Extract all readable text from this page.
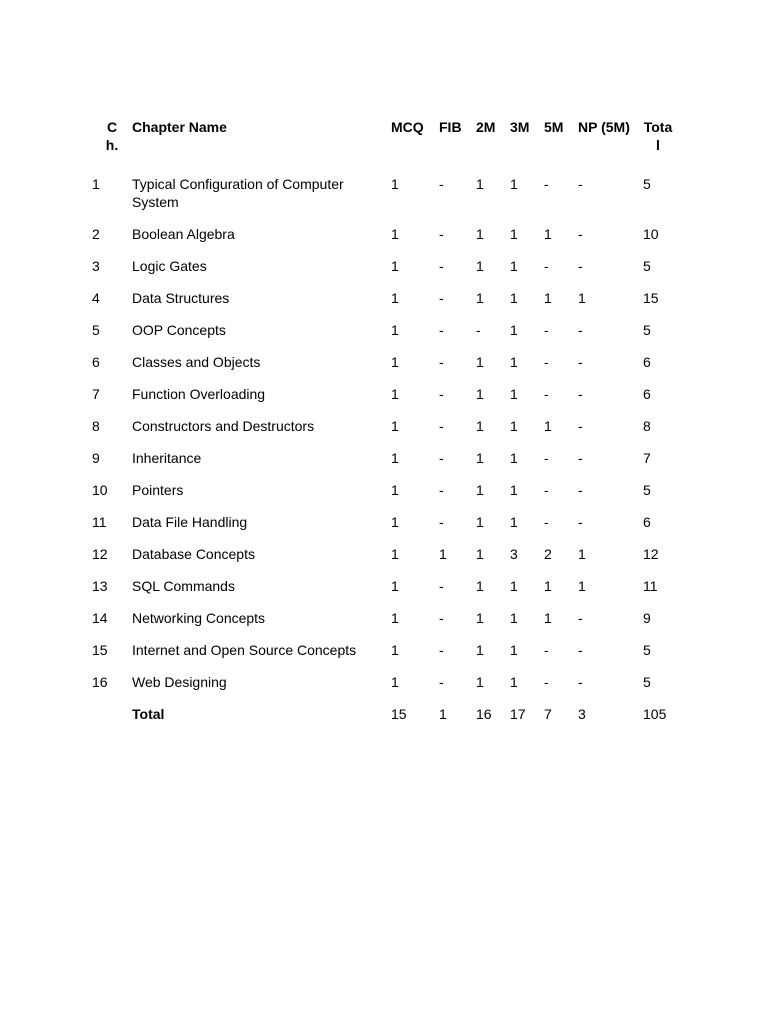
Ch.	Chapter Name	MCQ	FIB	2M	3M	5M	NP (5M)	Total

1	Typical Configuration of Computer System	1	-	1	1	-	-	5
2	Boolean Algebra	1	-	1	1	1	-	10
3	Logic Gates	1	-	1	1	-	-	5
4	Data Structures	1	-	1	1	1	1	15
5	OOP Concepts	1	-	-	1	-	-	5
6	Classes and Objects	1	-	1	1	-	-	6
7	Function Overloading	1	-	1	1	-	-	6
8	Constructors and Destructors	1	-	1	1	1	-	8
9	Inheritance	1	-	1	1	-	-	7
10	Pointers	1	-	1	1	-	-	5
11	Data File Handling	1	-	1	1	-	-	6
12	Database Concepts	1	1	1	3	2	1	12
13	SQL Commands	1	-	1	1	1	1	11
14	Networking Concepts	1	-	1	1	1	-	9
15	Internet and Open Source Concepts	1	-	1	1	-	-	5
16	Web Designing	1	-	1	1	-	-	5
	Total	15	1	16	17	7	3	105
